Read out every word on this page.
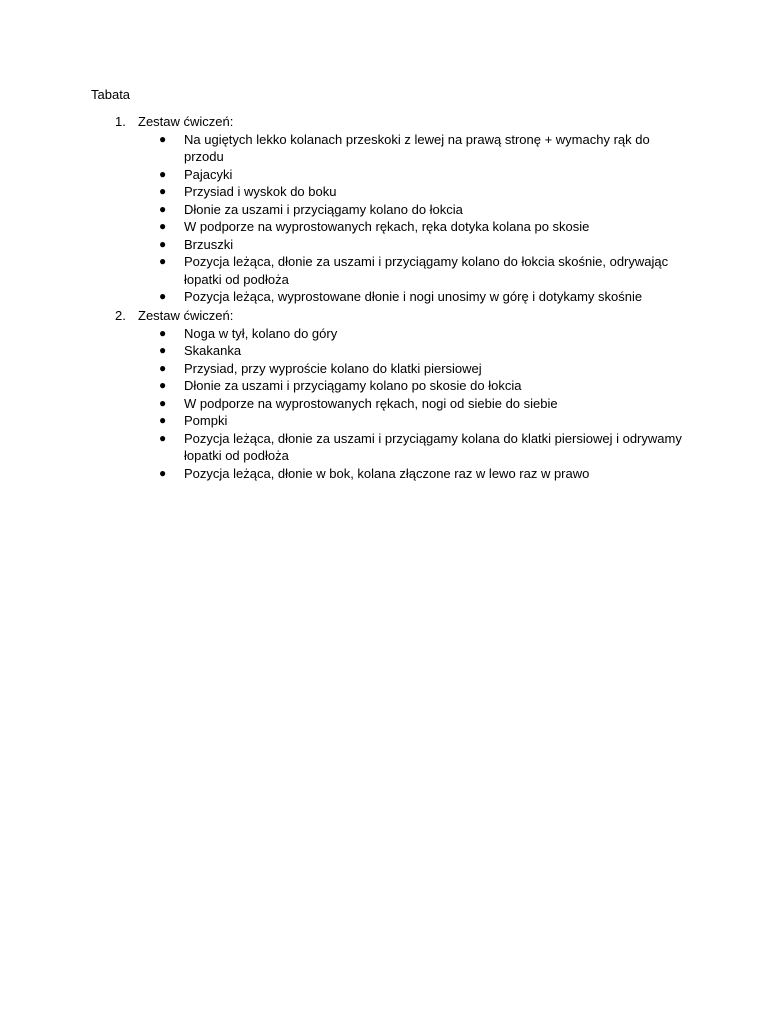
Tabata
1. Zestaw ćwiczeń:
● Na ugiętych lekko kolanach przeskoki z lewej na prawą stronę + wymachy rąk do przodu
● Pajacyki
● Przysiad i wyskok do boku
● Dłonie za uszami i przyciągamy kolano do łokcia
● W podporze na wyprostowanych rękach, ręka dotyka kolana po skosie
● Brzuszki
● Pozycja leżąca, dłonie za uszami i przyciągamy kolano do łokcia skośnie, odrywając łopatki od podłoża
● Pozycja leżąca, wyprostowane dłonie i nogi unosimy w górę i dotykamy skośnie
2. Zestaw ćwiczeń:
● Noga w tył, kolano do góry
● Skakanka
● Przysiad, przy wyproście kolano do klatki piersiowej
● Dłonie za uszami i przyciągamy kolano po skosie do łokcia
● W podporze na wyprostowanych rękach, nogi od siebie do siebie
● Pompki
● Pozycja leżąca, dłonie za uszami i przyciągamy kolana do klatki piersiowej i odrywamy łopatki od podłoża
● Pozycja leżąca, dłonie w bok, kolana złączone raz w lewo raz w prawo
